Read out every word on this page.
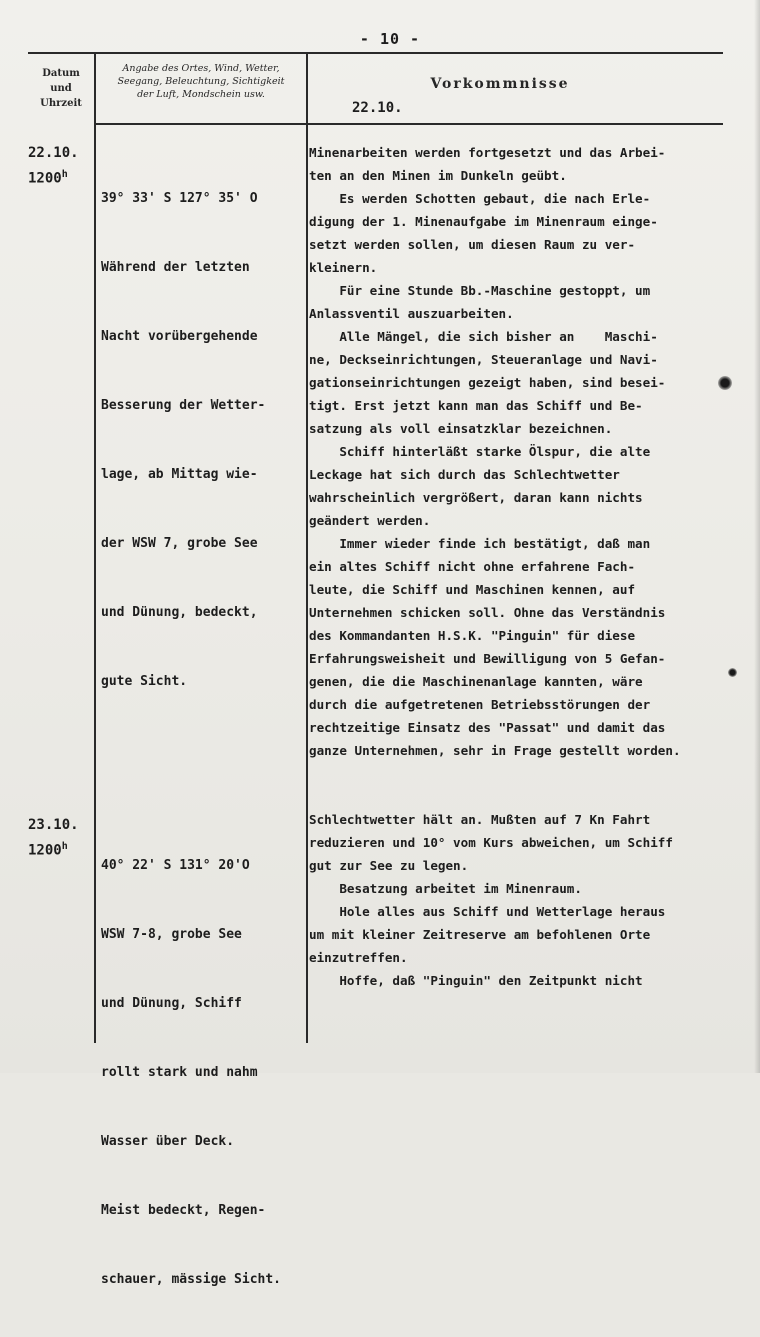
- 10 -
Datum
und
Uhrzeit
Angabe des Ortes, Wind, Wetter,
Seegang, Beleuchtung, Sichtigkeit
der Luft, Mondschein usw.
Vorkommnisse
22.10.
22.10.
1200$^h$

39° 33' S 127° 35' O

Während der letzten

Nacht vorübergehende

Besserung der Wetter-

lage, ab Mittag wie-

der WSW 7, grobe See

und Dünung, bedeckt,

gute Sicht.

Minenarbeiten werden fortgesetzt und das Arbei-

ten an den Minen im Dunkeln geübt.

Es werden Schotten gebaut, die nach Erle-

digung der 1. Minenaufgabe im Minenraum einge-

setzt werden sollen, um diesen Raum zu ver-

kleinern.

Für eine Stunde Bb.-Maschine gestoppt, um

Anlassventil auszuarbeiten.

Alle Mängel, die sich bisher an    Maschi-

ne, Deckseinrichtungen, Steueranlage und Navi-

gationseinrichtungen gezeigt haben, sind besei-

tigt. Erst jetzt kann man das Schiff und Be-

satzung als voll einsatzklar bezeichnen.

Schiff hinterläßt starke Ölspur, die alte

Leckage hat sich durch das Schlechtwetter

wahrscheinlich vergrößert, daran kann nichts

geändert werden.

Immer wieder finde ich bestätigt, daß man

ein altes Schiff nicht ohne erfahrene Fach-

leute, die Schiff und Maschinen kennen, auf

Unternehmen schicken soll. Ohne das Verständnis

des Kommandanten H.S.K. "Pinguin" für diese

Erfahrungsweisheit und Bewilligung von 5 Gefan-

genen, die die Maschinenanlage kannten, wäre

durch die aufgetretenen Betriebsstörungen der

rechtzeitige Einsatz des "Passat" und damit das

ganze Unternehmen, sehr in Frage gestellt worden.

23.10.
1200$^h$

40° 22' S 131° 20'O

WSW 7-8, grobe See

und Dünung, Schiff

rollt stark und nahm

Wasser über Deck.

Meist bedeckt, Regen-

schauer, mässige Sicht.

Schlechtwetter hält an. Mußten auf 7 Kn Fahrt

reduzieren und 10° vom Kurs abweichen, um Schiff

gut zur See zu legen.

Besatzung arbeitet im Minenraum.

Hole alles aus Schiff und Wetterlage heraus

um mit kleiner Zeitreserve am befohlenen Orte

einzutreffen.

Hoffe, daß "Pinguin" den Zeitpunkt nicht
